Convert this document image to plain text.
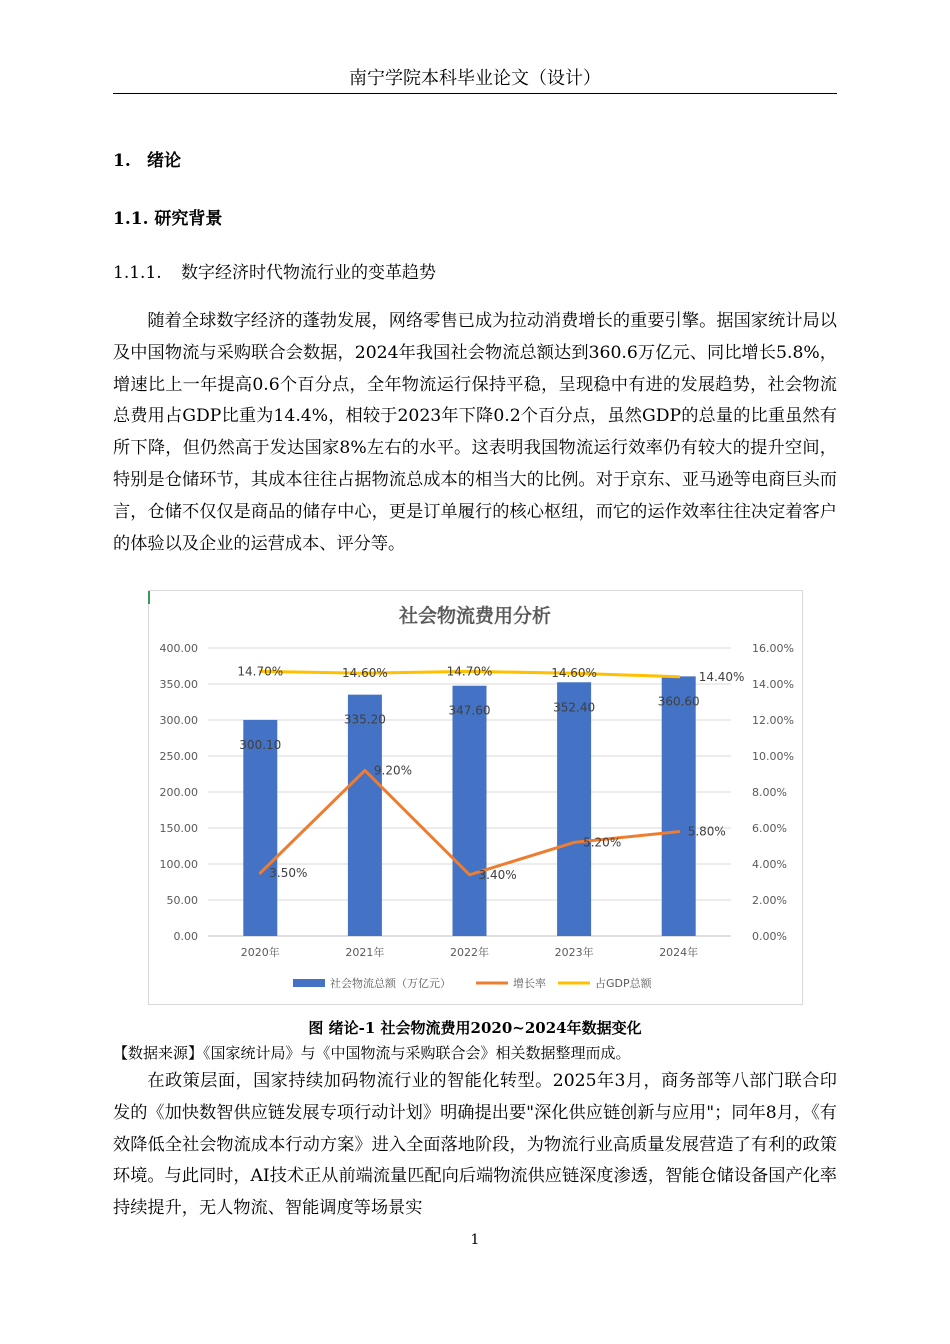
南宁学院本科毕业论文（设计）
1. 绪论
1.1. 研究背景
1.1.1. 数字经济时代物流行业的变革趋势

随着全球数字经济的蓬勃发展，网络零售已成为拉动消费增长的重要引擎。据国家统计局以及中国物流与采购联合会数据，2024年我国社会物流总额达到360.6万亿元、同比增长5.8%，增速比上一年提高0.6个百分点，全年物流运行保持平稳，呈现稳中有进的发展趋势，社会物流总费用占GDP比重为14.4%，相较于2023年下降0.2个百分点，虽然GDP的总量的比重虽然有所下降，但仍然高于发达国家8%左右的水平。这表明我国物流运行效率仍有较大的提升空间，特别是仓储环节，其成本往往占据物流总成本的相当大的比例。对于京东、亚马逊等电商巨头而言，仓储不仅仅是商品的储存中心，更是订单履行的核心枢纽，而它的运作效率往往决定着客户的体验以及企业的运营成本、评分等。

社会物流费用分析
0.00
50.00
100.00
150.00
200.00
250.00
300.00
350.00
400.00
0.00%
2.00%
4.00%
6.00%
8.00%
10.00%
12.00%
14.00%
16.00%
300.10
335.20
347.60	352.40	360.60
3.50%
9.20%
3.40%
5.20%
5.80%
14.70%	14.60%	14.70%	14.60%	14.40%
2020年	2021年	2022年	2023年	2024年
社会物流总额（万亿元）	增长率	占GDP总额
图 绪论-1 社会物流费用2020~2024年数据变化
【数据来源】《国家统计局》与《中国物流与采购联合会》相关数据整理而成。

在政策层面，国家持续加码物流行业的智能化转型。2025年3月，商务部等八部门联合印发的《加快数智供应链发展专项行动计划》明确提出要"深化供应链创新与应用"；同年8月，《有效降低全社会物流成本行动方案》进入全面落地阶段，为物流行业高质量发展营造了有利的政策环境。与此同时，AI技术正从前端流量匹配向后端物流供应链深度渗透，智能仓储设备国产化率持续提升，无人物流、智能调度等场景实

1
